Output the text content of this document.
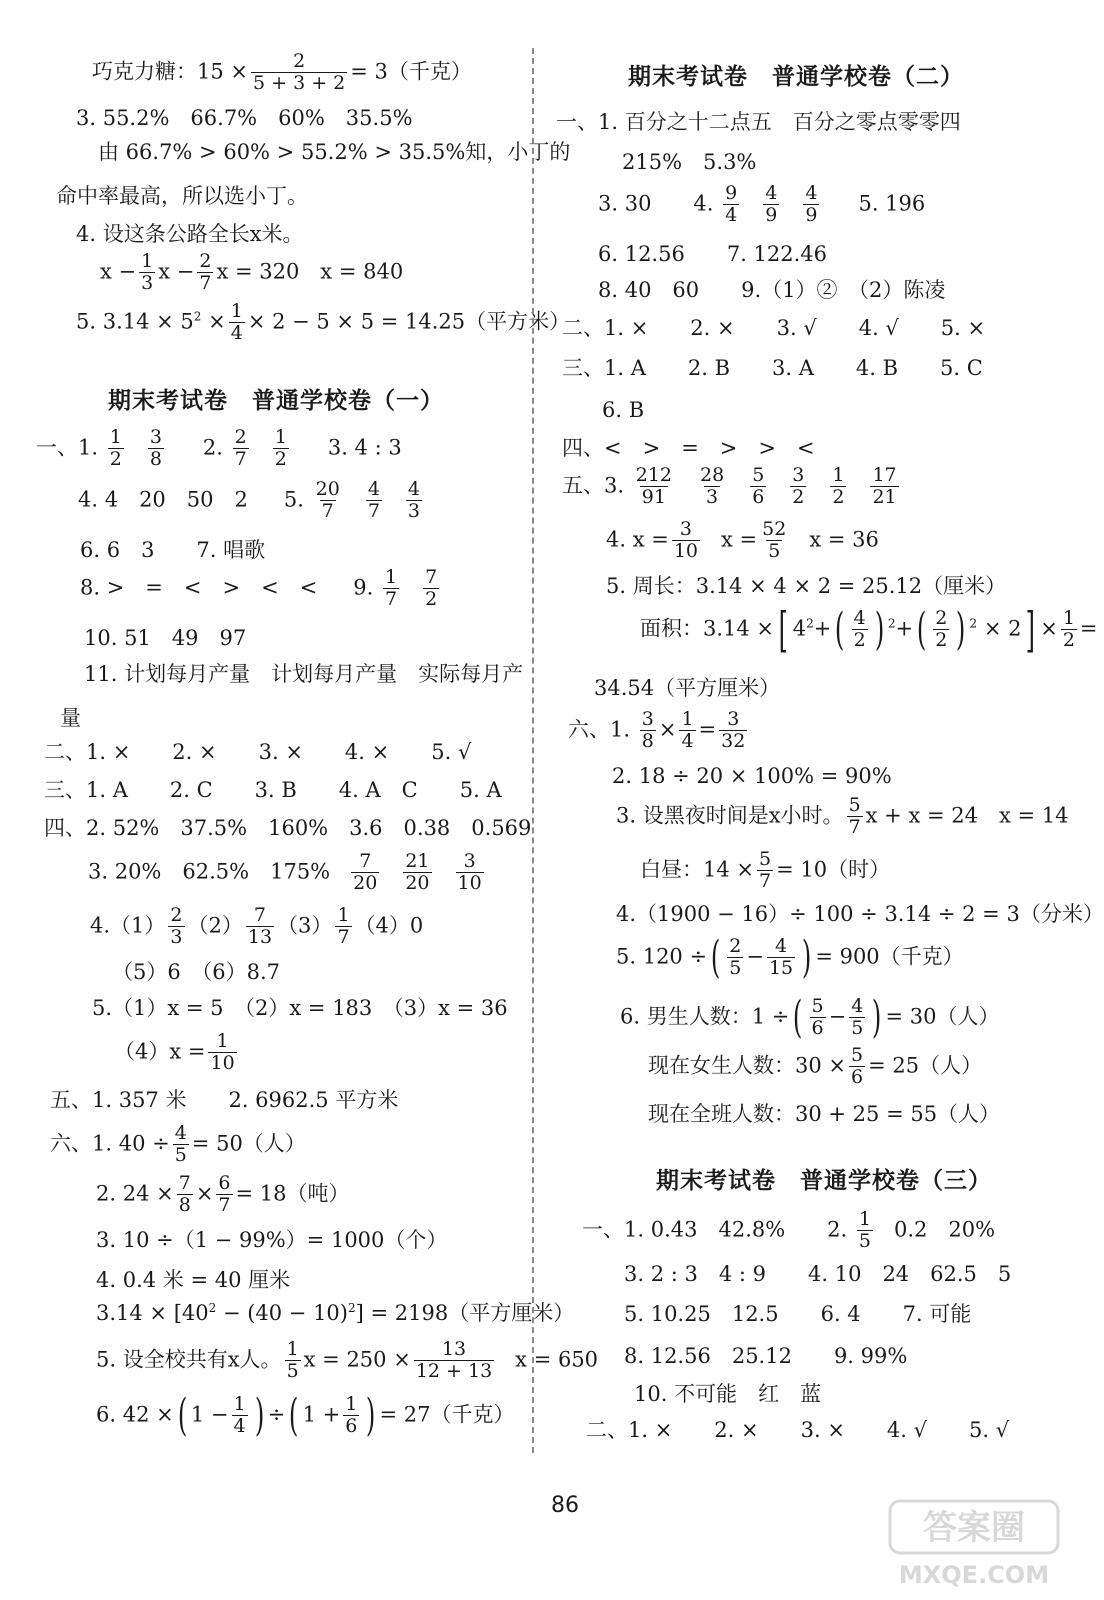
巧克力糖：$15 \times \frac{2}{5 + 3 + 2} = 3$（千克）
3. 55.2%　66.7%　60%　35.5%
由 66.7% > 60% > 55.2% > 35.5%知，小丁的
命中率最高，所以选小丁。
4. 设这条公路全长x米。
$x - \frac{1}{3}$ $x - \frac{2}{7}$ x = 320　x = 840
5. $3.14 \times 5^2 \times \frac{1}{4} \times 2 - 5 \times 5 = 14.25$（平方米）
期末考试卷　普通学校卷（一）
一、1. $\frac{1}{2} \frac{3}{8} 2$. $\frac{2}{7} \frac{1}{2} 3$. 4 : 3
4. 4　20　50　2 5. $\frac{20}{7} \frac{4}{7} \frac{4}{3}$
6. 6　3　　7. 唱歌
8. >　=　<　>　<　< 9. $\frac{1}{7} \frac{7}{2}$
10. 51　49　97
11. 计划每月产量　计划每月产量　实际每月产
量
二、1. ×　　2. ×　　3. ×　　4. ×　　5. √
三、1. A　　2. C　　3. B　　4. A　C　　5. A
四、2. 52%　37.5%　160%　3.6　0.38　0.569
3. 20%　62.5%　$175\% \frac{7}{20} \frac{21}{20} \frac{3}{10}$
$4.(1) \frac{2}{3} (2) \frac{7}{13} (3) \frac{1}{7} (4)0$
（5）6　（6）8.7
5.（1）x = 5　（2）x = 183　（3）x = 36
$(4)x = \frac{1}{10}$
五、1. 357 米　　2. 6962.5 平方米
六、1. $40 \div \frac{4}{5} = 50$（人）
2. $24 \times \frac{7}{8} \times \frac{6}{7} = 18$（吨）
3. 10 ÷（1 − 99%）= 1000（个）
4. 0.4 米 = 40 厘米
$3.14 \times [40^2 - (40 - 10)^2] = 2198$（平方厘米）
5. 设全校共有x人。 $\frac{1}{5}$ $x = 250 \times \frac{13}{12 + 13}$ x = 650
6. 42 ×( $1 - \frac{1}{4}$ ) ÷( $1 + \frac{1}{6}$ ) = 27（千克）
期末考试卷　普通学校卷（二）
一、1. 百分之十二点五　百分之零点零零四
215%　5.3%
3. 30　　4. $\frac{9}{4} \frac{4}{9} \frac{4}{9} 5$. 196
6. 12.56　　7. 122.46
8. 40　60　　9.（1）②　（2）陈凌
二、1. ×　　2. ×　　3. √　　4. √　　5. ×
三、1. A　　2. B　　3. A　　4. B　　5. C
6. B
四、<　>　=　>　>　<
五、3. $\frac{212}{91} \frac{28}{3} \frac{5}{6} \frac{3}{2} \frac{1}{2} \frac{17}{21}$
4. $x = \frac{3}{10}$ $x = \frac{52}{5}$ x = 36
5. 周长：3.14 × 4 × 2 = 25.12（厘米）
面积：3.14 ×[ $4^2+( \frac{4}{2}$ ) $^2+( \frac{2}{2}$ ) $^2 \times 2] \times \frac{1}{2}$ =
34.54（平方厘米）
六、1. $\frac{3}{8} \times \frac{1}{4} = \frac{3}{32}$
2. 18 ÷ 20 × 100% = 90%
3. 设黑夜时间是x小时。 $\frac{5}{7}$ x + x = 24　x = 14
白昼：$14 \times \frac{5}{7} = 10$（时）
4.（1900 − 16）÷ 100 ÷ 3.14 ÷ 2 = 3（分米）
5. 120 ÷( $\frac{2}{5} - \frac{4}{15}$ ) = 900（千克）
6. 男生人数：1 ÷( $\frac{5}{6} - \frac{4}{5}$ ) = 30（人）
现在女生人数：$30 \times \frac{5}{6} = 25$（人）
现在全班人数：30 + 25 = 55（人）
期末考试卷　普通学校卷（三）
一、1. 0.43　42.8%　　2. $\frac{1}{5} 0.2$　20%
3. 2 : 3　4 : 9　　4. 10　24　62.5　5
5. 10.25　12.5　　6. 4　　7. 可能
8. 12.56　25.12　　9. 99%
10. 不可能　红　蓝
二、1. ×　　2. ×　　3. ×　　4. √　　5. √
86
答案圈
MXQE.COM
